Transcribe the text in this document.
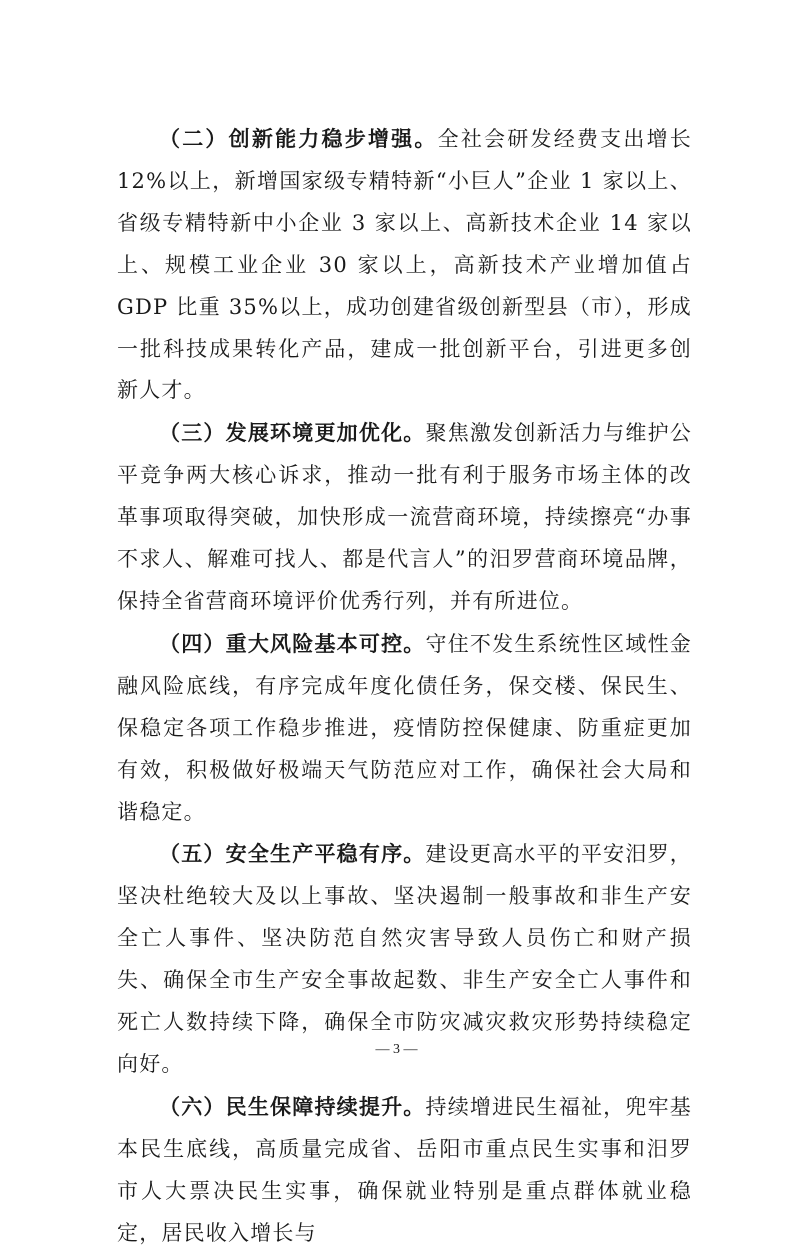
（二）创新能力稳步增强。全社会研发经费支出增长 12%以上，新增国家级专精特新“小巨人”企业 1 家以上、省级专精特新中小企业 3 家以上、高新技术企业 14 家以上、规模工业企业 30 家以上，高新技术产业增加值占 GDP 比重 35%以上，成功创建省级创新型县（市），形成一批科技成果转化产品，建成一批创新平台，引进更多创新人才。

（三）发展环境更加优化。聚焦激发创新活力与维护公平竞争两大核心诉求，推动一批有利于服务市场主体的改革事项取得突破，加快形成一流营商环境，持续擦亮“办事不求人、解难可找人、都是代言人”的汨罗营商环境品牌，保持全省营商环境评价优秀行列，并有所进位。

（四）重大风险基本可控。守住不发生系统性区域性金融风险底线，有序完成年度化债任务，保交楼、保民生、保稳定各项工作稳步推进，疫情防控保健康、防重症更加有效，积极做好极端天气防范应对工作，确保社会大局和谐稳定。

（五）安全生产平稳有序。建设更高水平的平安汨罗，坚决杜绝较大及以上事故、坚决遏制一般事故和非生产安全亡人事件、坚决防范自然灾害导致人员伤亡和财产损失、确保全市生产安全事故起数、非生产安全亡人事件和死亡人数持续下降，确保全市防灾减灾救灾形势持续稳定向好。

（六）民生保障持续提升。持续增进民生福祉，兜牢基本民生底线，高质量完成省、岳阳市重点民生实事和汨罗市人大票决民生实事，确保就业特别是重点群体就业稳定，居民收入增长与

— 3 —
